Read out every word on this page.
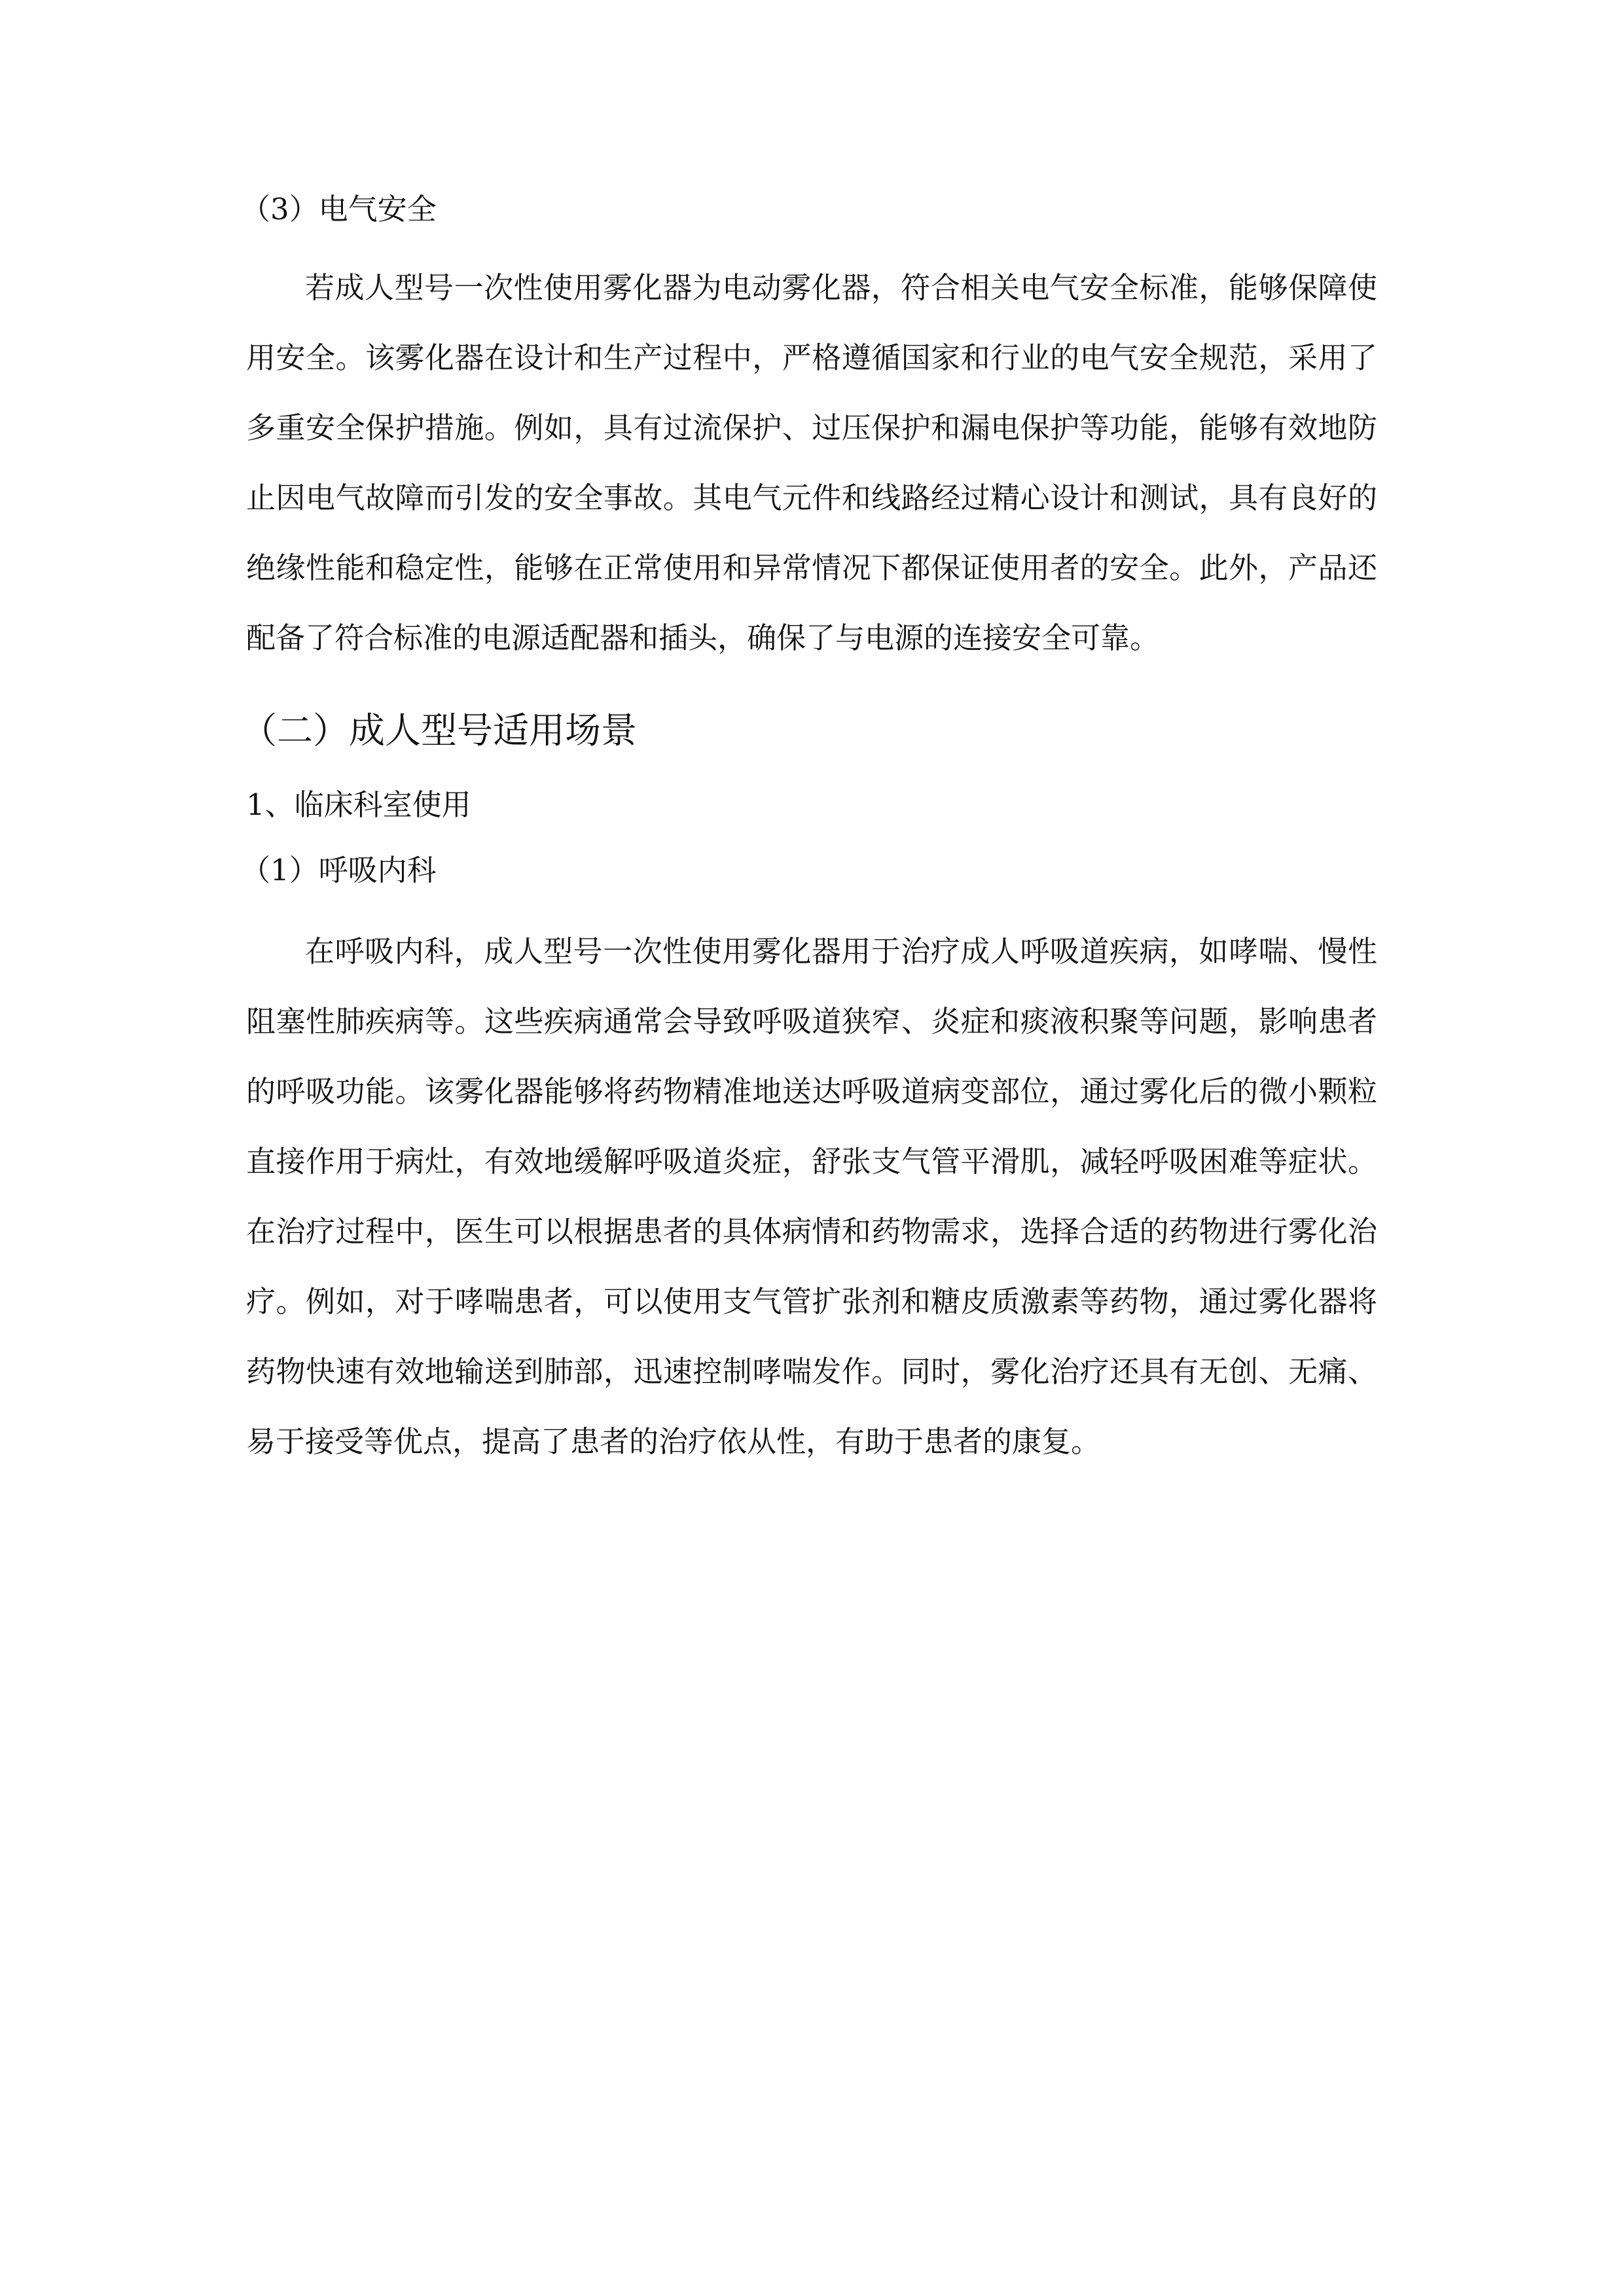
（3）电气安全

若成人型号一次性使用雾化器为电动雾化器，符合相关电气安全标准，能够保障使用安全。该雾化器在设计和生产过程中，严格遵循国家和行业的电气安全规范，采用了多重安全保护措施。例如，具有过流保护、过压保护和漏电保护等功能，能够有效地防止因电气故障而引发的安全事故。其电气元件和线路经过精心设计和测试，具有良好的绝缘性能和稳定性，能够在正常使用和异常情况下都保证使用者的安全。此外，产品还配备了符合标准的电源适配器和插头，确保了与电源的连接安全可靠。

（二）成人型号适用场景
1、临床科室使用
（1）呼吸内科

在呼吸内科，成人型号一次性使用雾化器用于治疗成人呼吸道疾病，如哮喘、慢性阻塞性肺疾病等。这些疾病通常会导致呼吸道狭窄、炎症和痰液积聚等问题，影响患者的呼吸功能。该雾化器能够将药物精准地送达呼吸道病变部位，通过雾化后的微小颗粒直接作用于病灶，有效地缓解呼吸道炎症，舒张支气管平滑肌，减轻呼吸困难等症状。在治疗过程中，医生可以根据患者的具体病情和药物需求，选择合适的药物进行雾化治疗。例如，对于哮喘患者，可以使用支气管扩张剂和糖皮质激素等药物，通过雾化器将药物快速有效地输送到肺部，迅速控制哮喘发作。同时，雾化治疗还具有无创、无痛、易于接受等优点，提高了患者的治疗依从性，有助于患者的康复。
